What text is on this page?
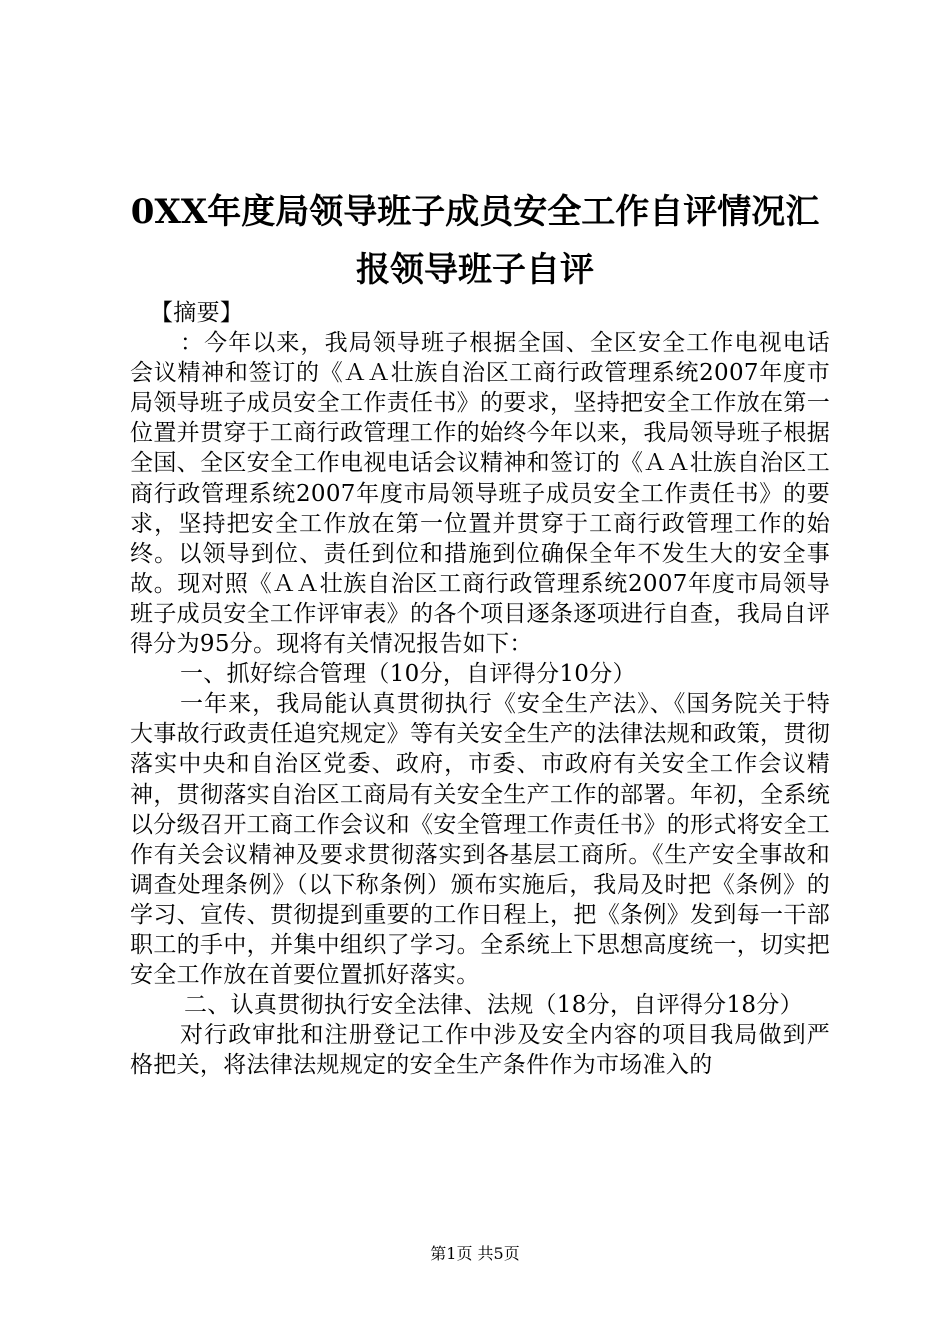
0XX年度局领导班子成员安全工作自评情况汇
报领导班子自评

【摘要】

：今年以来，我局领导班子根据全国、全区安全工作电视电话会议精神和签订的《ＡＡ壮族自治区工商行政管理系统2007年度市局领导班子成员安全工作责任书》的要求，坚持把安全工作放在第一位置并贯穿于工商行政管理工作的始终今年以来，我局领导班子根据全国、全区安全工作电视电话会议精神和签订的《ＡＡ壮族自治区工商行政管理系统2007年度市局领导班子成员安全工作责任书》的要求，坚持把安全工作放在第一位置并贯穿于工商行政管理工作的始终。以领导到位、责任到位和措施到位确保全年不发生大的安全事故。现对照《ＡＡ壮族自治区工商行政管理系统2007年度市局领导班子成员安全工作评审表》的各个项目逐条逐项进行自查，我局自评得分为95分。现将有关情况报告如下：

一、抓好综合管理（10分，自评得分10分）

一年来，我局能认真贯彻执行《安全生产法》、《国务院关于特大事故行政责任追究规定》等有关安全生产的法律法规和政策，贯彻落实中央和自治区党委、政府，市委、市政府有关安全工作会议精神，贯彻落实自治区工商局有关安全生产工作的部署。年初，全系统以分级召开工商工作会议和《安全管理工作责任书》的形式将安全工作有关会议精神及要求贯彻落实到各基层工商所。《生产安全事故和调查处理条例》（以下称条例）颁布实施后，我局及时把《条例》的学习、宣传、贯彻提到重要的工作日程上，把《条例》发到每一干部职工的手中，并集中组织了学习。全系统上下思想高度统一，切实把安全工作放在首要位置抓好落实。

二、认真贯彻执行安全法律、法规（18分，自评得分18分）

对行政审批和注册登记工作中涉及安全内容的项目我局做到严格把关，将法律法规规定的安全生产条件作为市场准入的

第1页 共5页
